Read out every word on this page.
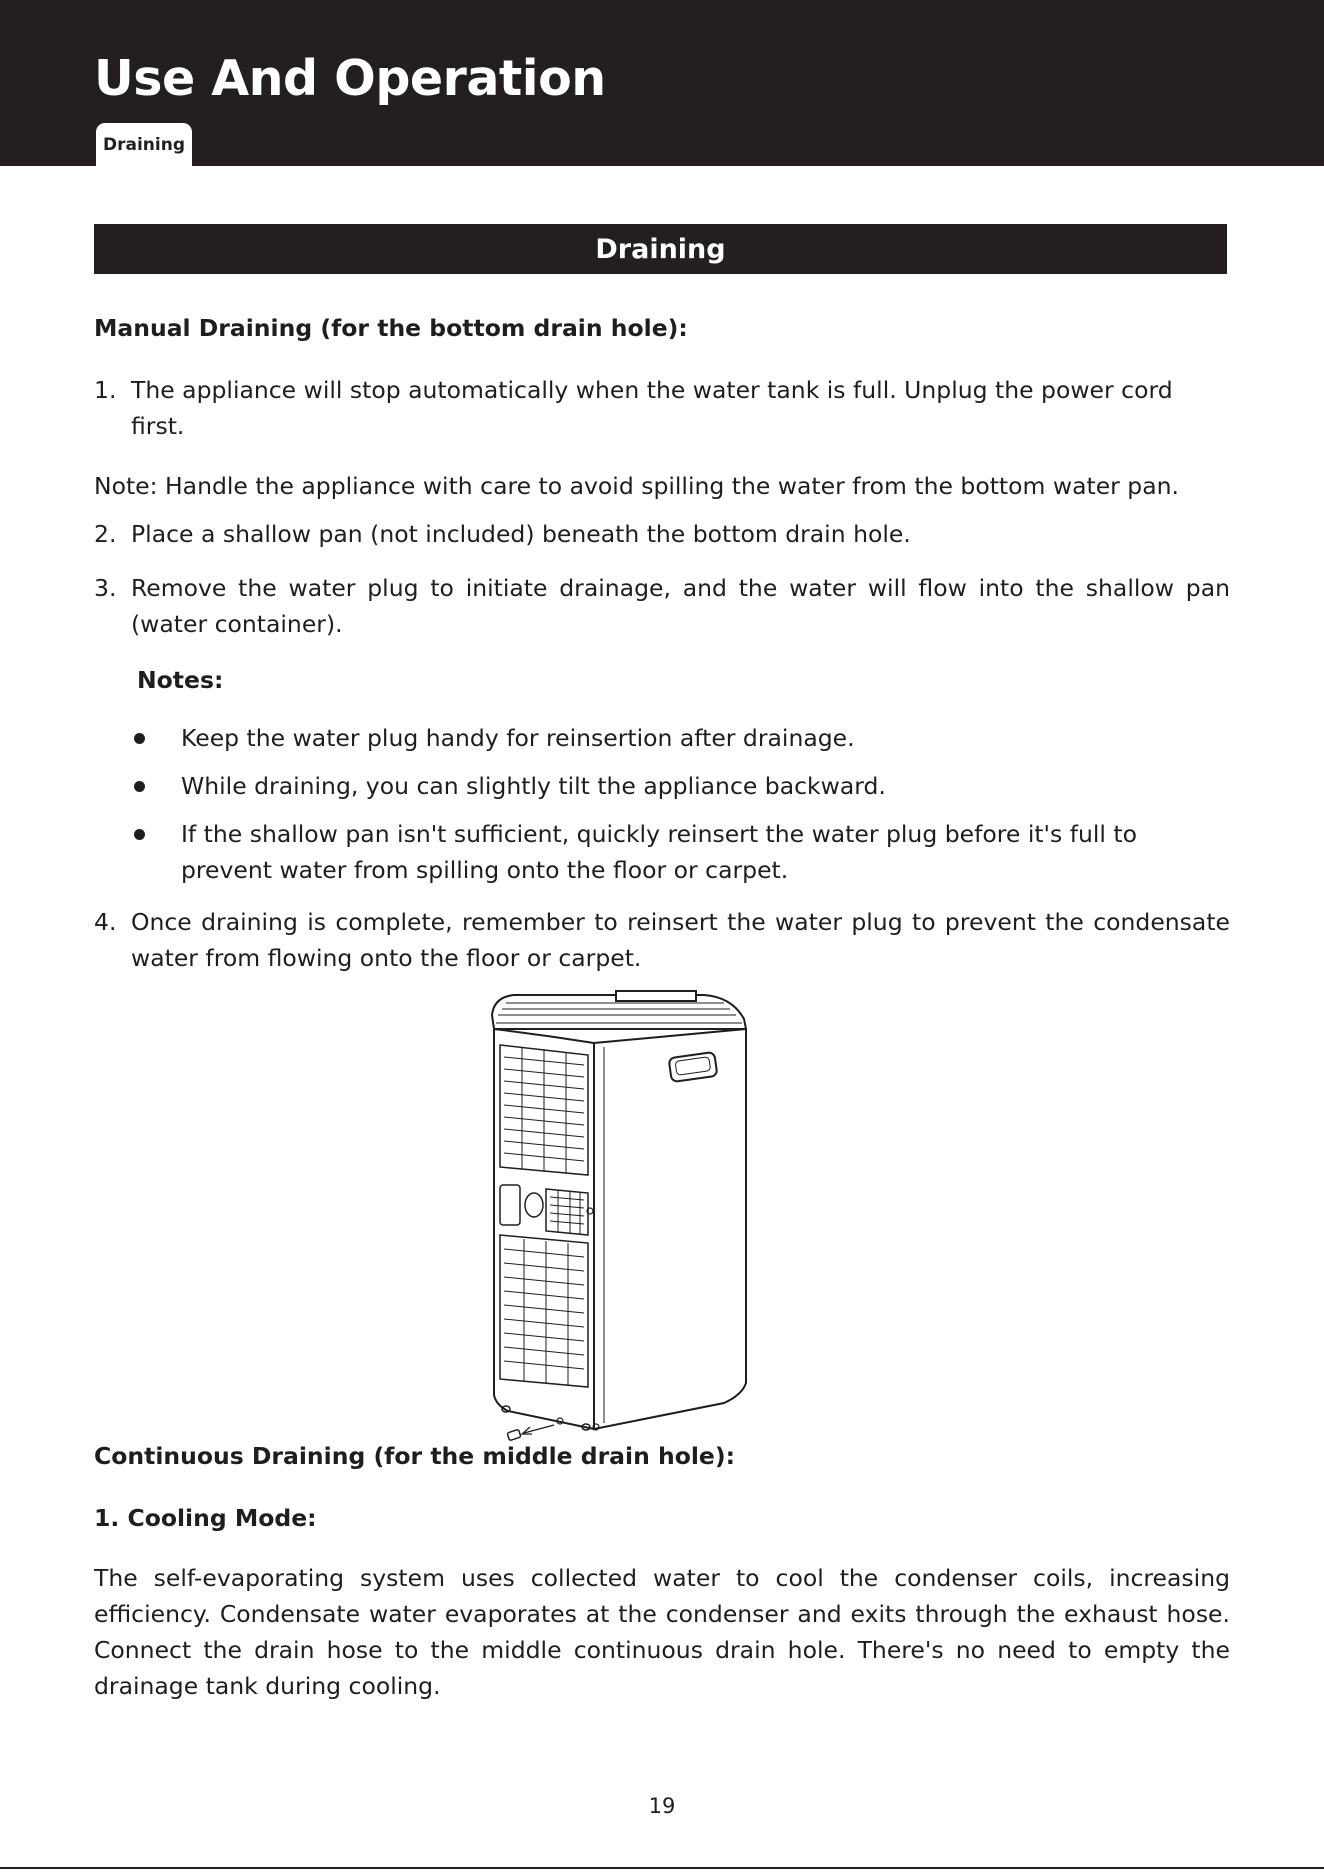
Use And Operation
Draining
Draining

Manual Draining (for the bottom drain hole):

1. The appliance will stop automatically when the water tank is full. Unplug the power cord first.

Note: Handle the appliance with care to avoid spilling the water from the bottom water pan.

2. Place a shallow pan (not included) beneath the bottom drain hole.
3. Remove the water plug to initiate drainage, and the water will flow into the shallow pan (water container).

Notes:

Keep the water plug handy for reinsertion after drainage.
While draining, you can slightly tilt the appliance backward.
If the shallow pan isn't sufficient, quickly reinsert the water plug before it's full to prevent water from spilling onto the floor or carpet.
4. Once draining is complete, remember to reinsert the water plug to prevent the condensate water from flowing onto the floor or carpet.

Continuous Draining (for the middle drain hole):

1. Cooling Mode:

The self-evaporating system uses collected water to cool the condenser coils, increasing efficiency. Condensate water evaporates at the condenser and exits through the exhaust hose. Connect the drain hose to the middle continuous drain hole. There's no need to empty the drainage tank during cooling.

19
